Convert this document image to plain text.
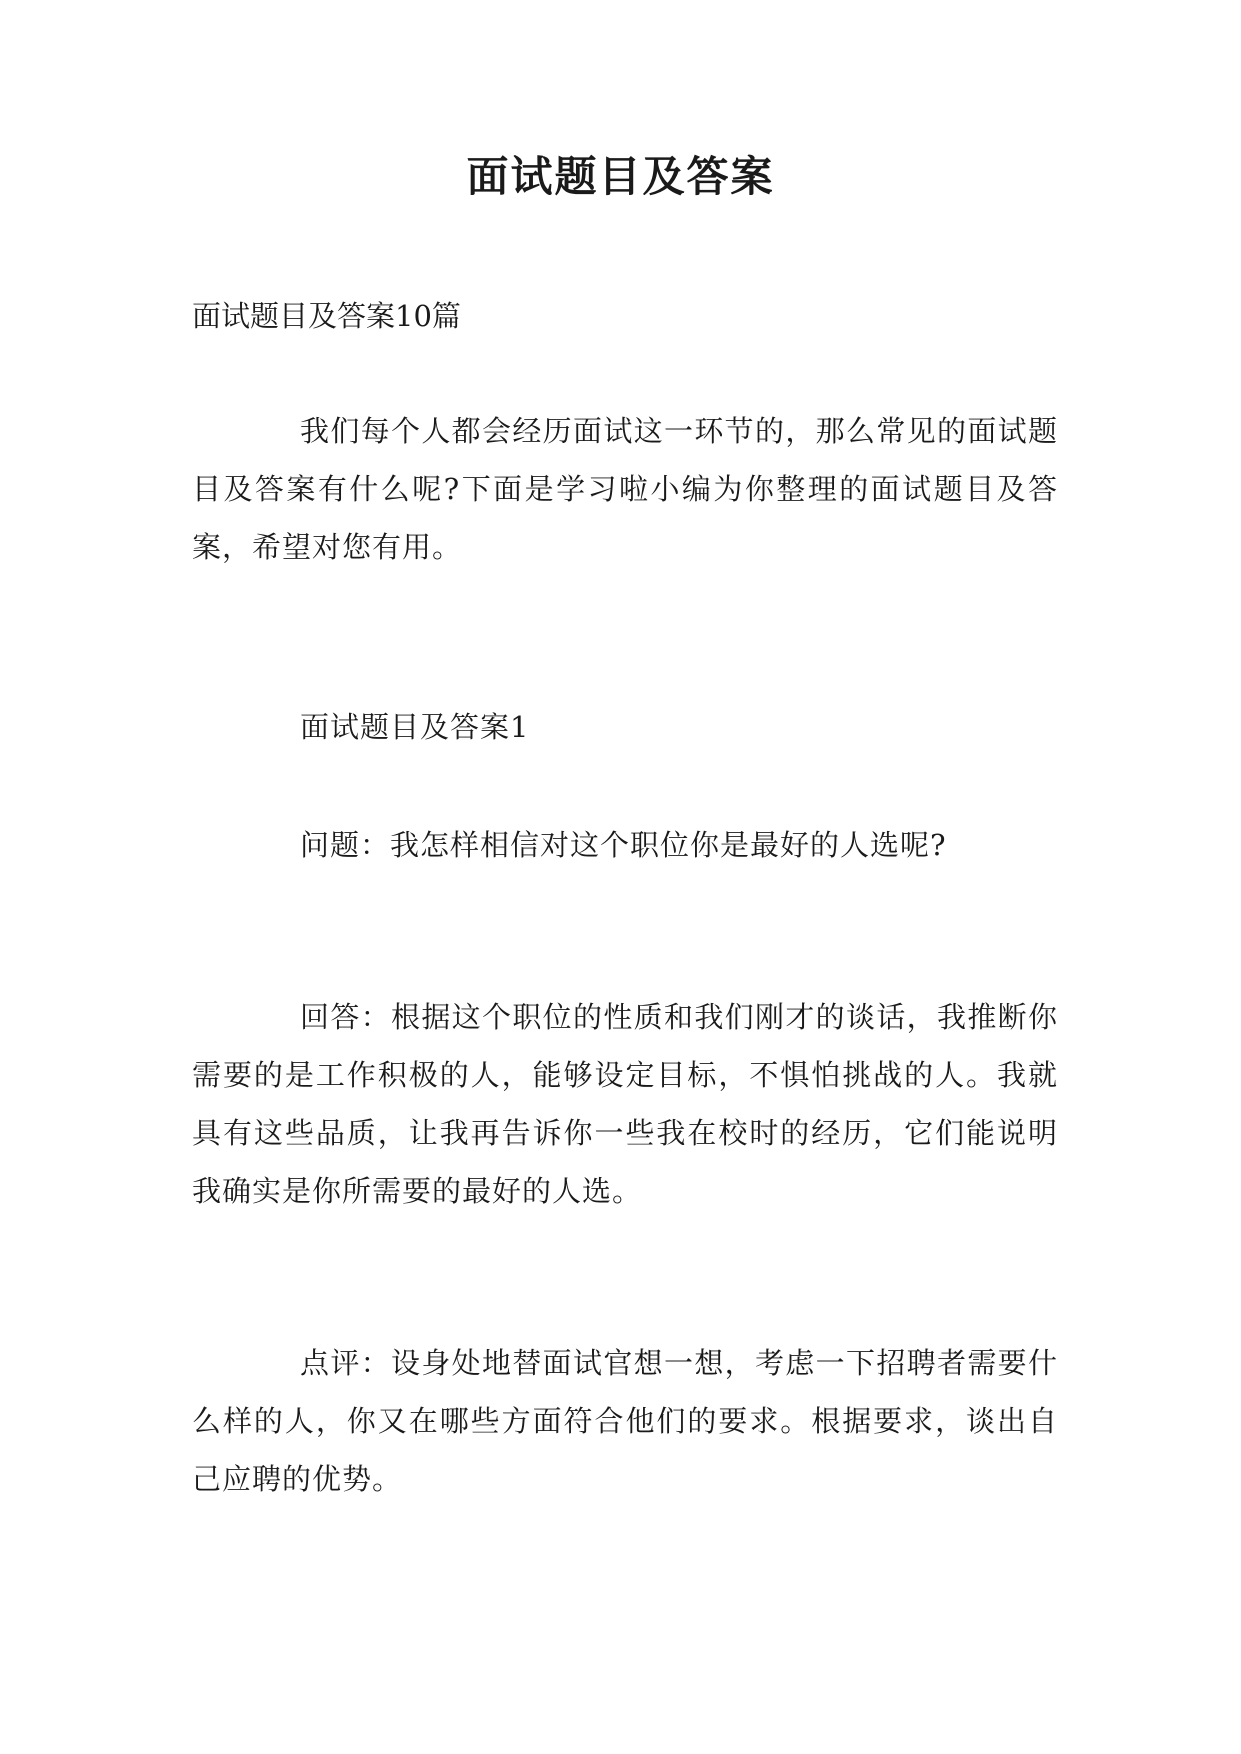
面试题目及答案
面试题目及答案10篇

我们每个人都会经历面试这一环节的，那么常见的面试题目及答案有什么呢?下面是学习啦小编为你整理的面试题目及答案，希望对您有用。

面试题目及答案1

问题：我怎样相信对这个职位你是最好的人选呢?

回答：根据这个职位的性质和我们刚才的谈话，我推断你需要的是工作积极的人，能够设定目标，不惧怕挑战的人。我就具有这些品质，让我再告诉你一些我在校时的经历，它们能说明我确实是你所需要的最好的人选。

点评：设身处地替面试官想一想，考虑一下招聘者需要什么样的人，你又在哪些方面符合他们的要求。根据要求，谈出自己应聘的优势。
